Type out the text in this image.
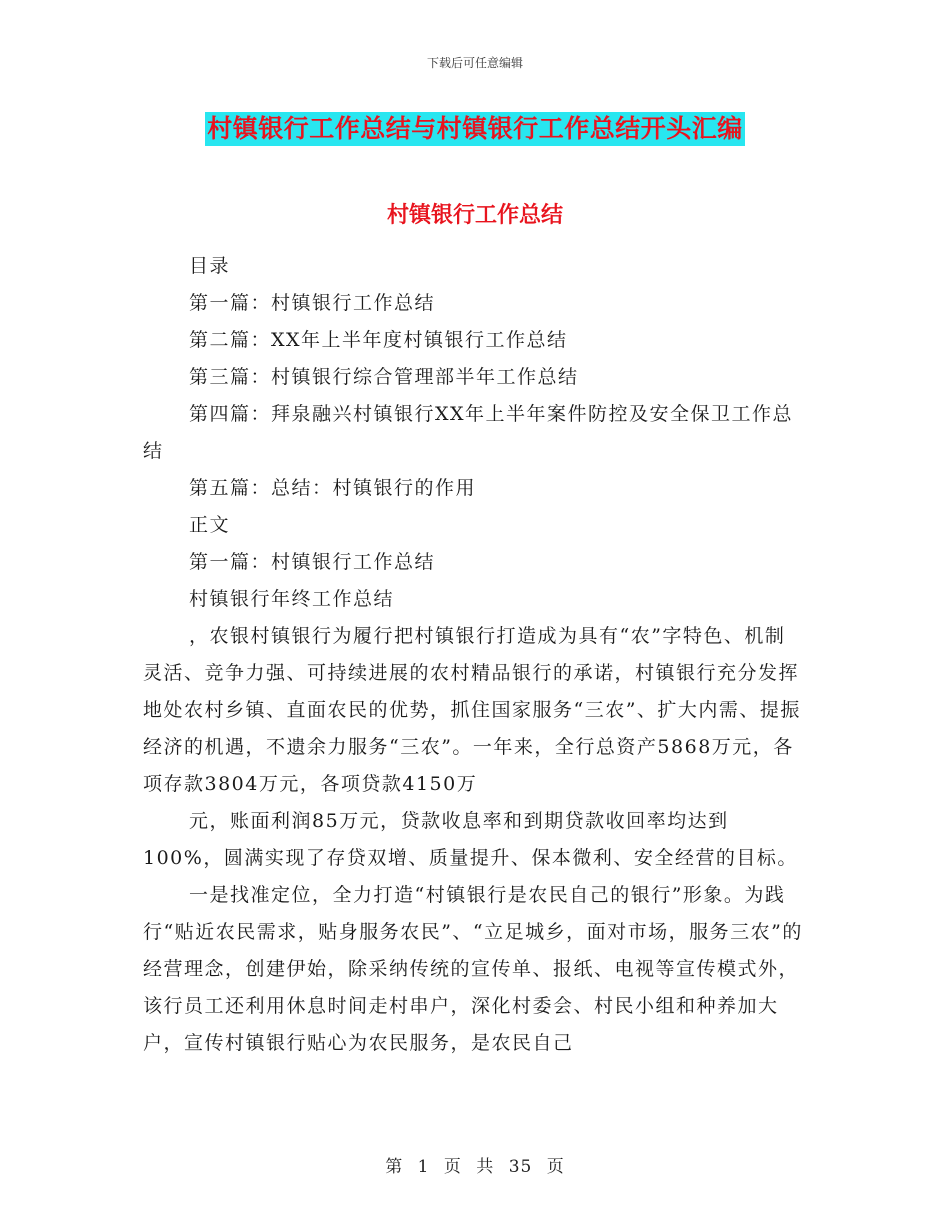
下载后可任意编辑
村镇银行工作总结与村镇银行工作总结开头汇编
村镇银行工作总结

目录

第一篇：村镇银行工作总结

第二篇：XX年上半年度村镇银行工作总结

第三篇：村镇银行综合管理部半年工作总结

第四篇：拜泉融兴村镇银行XX年上半年案件防控及安全保卫工作总结

第五篇：总结：村镇银行的作用

正文

第一篇：村镇银行工作总结

村镇银行年终工作总结

，农银村镇银行为履行把村镇银行打造成为具有“农”字特色、机制灵活、竞争力强、可持续进展的农村精品银行的承诺，村镇银行充分发挥地处农村乡镇、直面农民的优势，抓住国家服务“三农”、扩大内需、提振经济的机遇，不遗余力服务“三农”。一年来，全行总资产5868万元，各项存款3804万元，各项贷款4150万

元，账面利润85万元，贷款收息率和到期贷款收回率均达到100%，圆满实现了存贷双增、质量提升、保本微利、安全经营的目标。

一是找准定位，全力打造“村镇银行是农民自己的银行”形象。为践行“贴近农民需求，贴身服务农民”、“立足城乡，面对市场，服务三农”的经营理念，创建伊始，除采纳传统的宣传单、报纸、电视等宣传模式外，该行员工还利用休息时间走村串户，深化村委会、村民小组和种养加大户，宣传村镇银行贴心为农民服务，是农民自己

第 1 页 共 35 页
